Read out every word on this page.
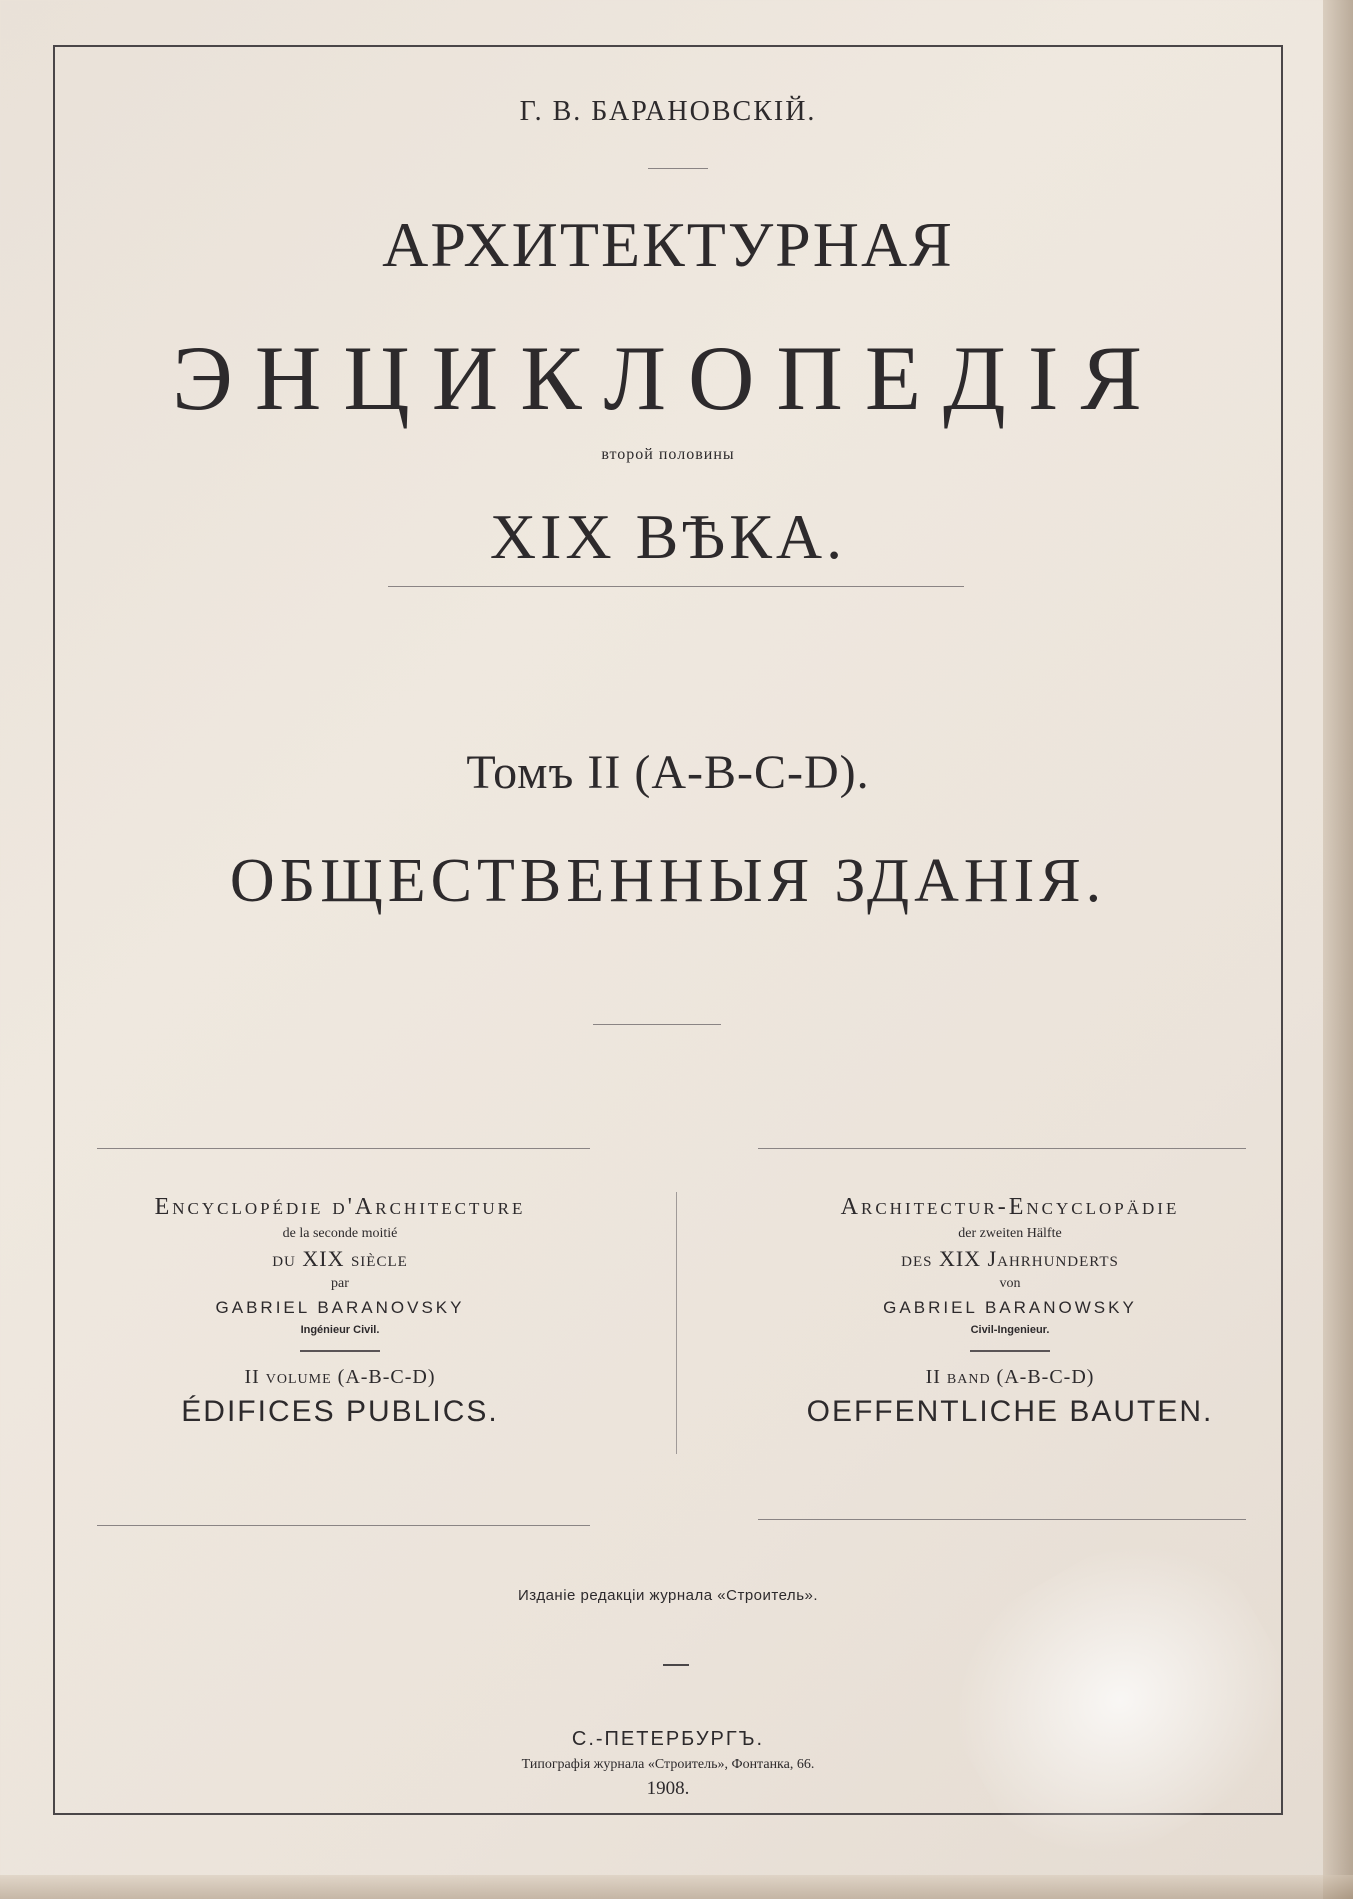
Г. В. БАРАНОВСКІЙ.
АРХИТЕКТУРНАЯ
ЭНЦИКЛОПЕДІЯ
второй половины
XIX ВѢКА.
Томъ II (A-B-C-D).
ОБЩЕСТВЕННЫЯ ЗДАНІЯ.
Encyclopédie d'Architecture
de la seconde moitié
du XIX siècle
par
GABRIEL BARANOVSKY
Ingénieur Civil.
II volume (A-B-C-D)
ÉDIFICES PUBLICS.
Architectur-Encyclopädie
der zweiten Hälfte
des XIX Jahrhunderts
von
GABRIEL BARANOWSKY
Civil-Ingenieur.
II band (A-B-C-D)
OEFFENTLICHE BAUTEN.
Изданіе редакціи журнала «Строитель».
С.-ПЕТЕРБУРГЪ.
Типографія журнала «Строитель», Фонтанка, 66.
1908.
